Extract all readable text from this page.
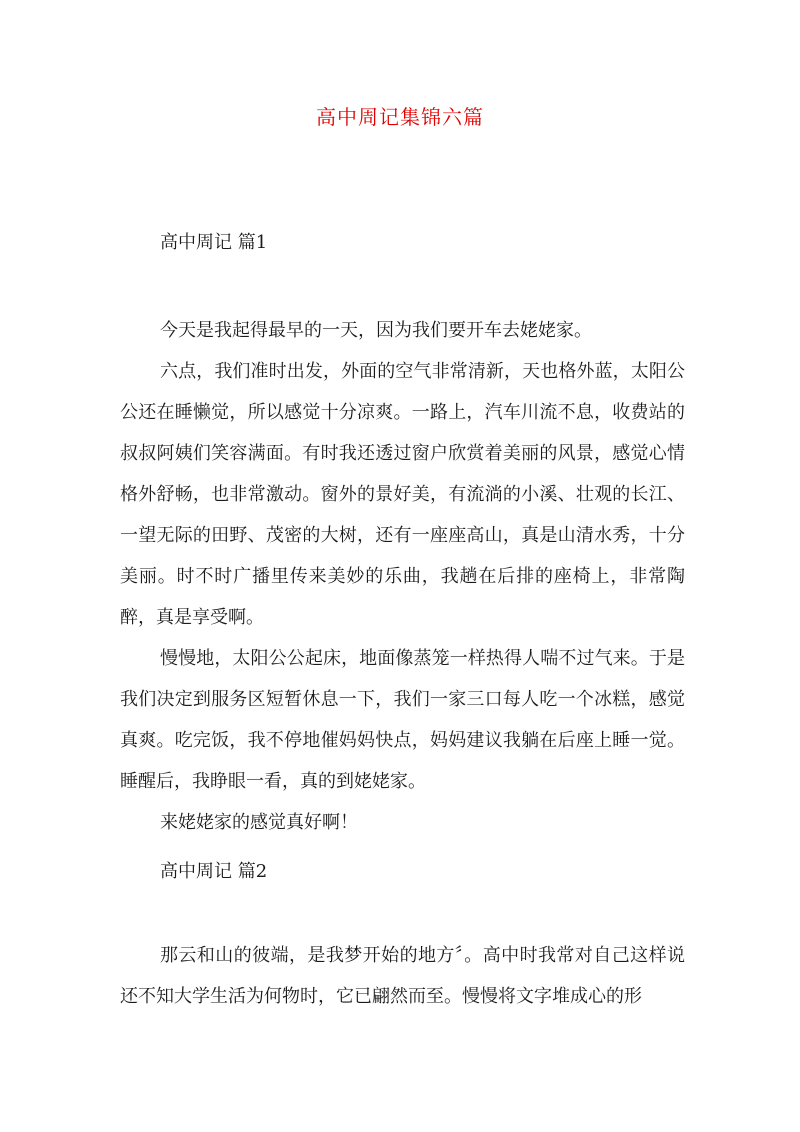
高中周记集锦六篇
高中周记 篇1

今天是我起得最早的一天，因为我们要开车去姥姥家。

六点，我们准时出发，外面的空气非常清新，天也格外蓝，太阳公公还在睡懒觉，所以感觉十分凉爽。一路上，汽车川流不息，收费站的叔叔阿姨们笑容满面。有时我还透过窗户欣赏着美丽的风景，感觉心情格外舒畅，也非常激动。窗外的景好美，有流淌的小溪、壮观的长江、一望无际的田野、茂密的大树，还有一座座高山，真是山清水秀，十分美丽。时不时广播里传来美妙的乐曲，我趟在后排的座椅上，非常陶醉，真是享受啊。

慢慢地，太阳公公起床，地面像蒸笼一样热得人喘不过气来。于是我们决定到服务区短暂休息一下，我们一家三口每人吃一个冰糕，感觉真爽。吃完饭，我不停地催妈妈快点，妈妈建议我躺在后座上睡一觉。睡醒后，我睁眼一看，真的到姥姥家。

来姥姥家的感觉真好啊！

高中周记 篇2

那云和山的彼端，是我梦开始的地方〞。高中时我常对自己这样说还不知大学生活为何物时，它已翩然而至。慢慢将文字堆成心的形
